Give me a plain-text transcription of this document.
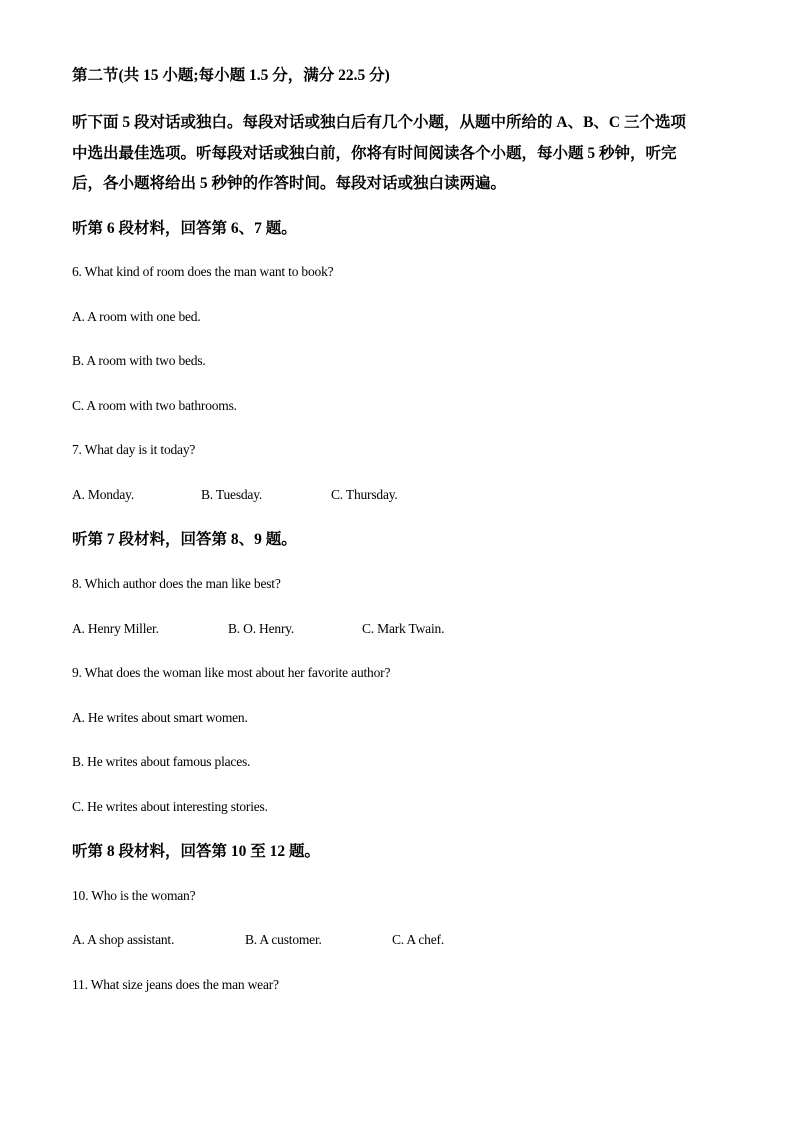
第二节(共 15 小题;每小题 1.5 分，满分 22.5 分)
听下面 5 段对话或独白。每段对话或独白后有几个小题，从题中所给的 A、B、C 三个选项
中选出最佳选项。听每段对话或独白前，你将有时间阅读各个小题，每小题 5 秒钟，听完
后，各小题将给出 5 秒钟的作答时间。每段对话或独白读两遍。
听第 6 段材料，回答第 6、7 题。
6. What kind of room does the man want to book?
A. A room with one bed.
B. A room with two beds.
C. A room with two bathrooms.
7. What day is it today?
A. Monday.	B. Tuesday.	C. Thursday.
听第 7 段材料，回答第 8、9 题。
8. Which author does the man like best?
A. Henry Miller.	B. O. Henry.	C. Mark Twain.
9. What does the woman like most about her favorite author?
A. He writes about smart women.
B. He writes about famous places.
C. He writes about interesting stories.
听第 8 段材料，回答第 10 至 12 题。
10. Who is the woman?
A. A shop assistant.	B. A customer.	C. A chef.
11. What size jeans does the man wear?
